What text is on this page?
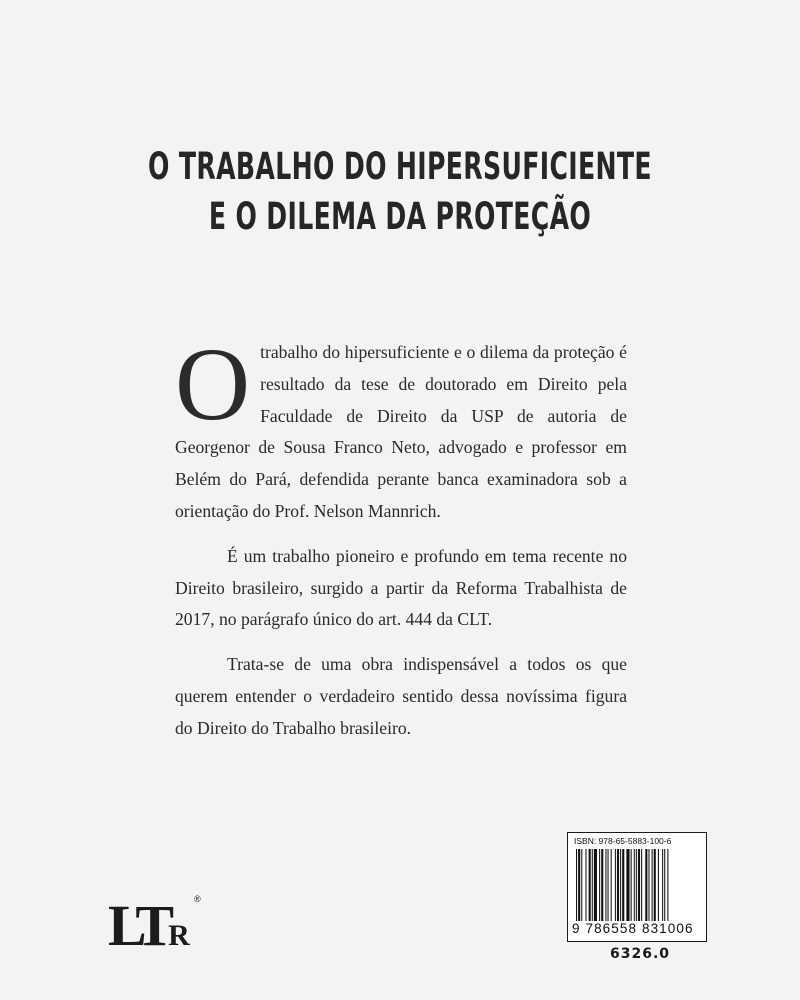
O TRABALHO DO HIPERSUFICIENTE
E O DILEMA DA PROTEÇÃO

Otrabalho do hipersuficiente e o dilema da proteção é resultado da tese de doutorado em Direito pela Faculdade de Direito da USP de autoria de Georgenor de Sousa Franco Neto, advogado e professor em Belém do Pará, defendida perante banca examinadora sob a orientação do Prof. Nelson Mannrich.

É um trabalho pioneiro e profundo em tema recente no Direito brasileiro, surgido a partir da Reforma Trabalhista de 2017, no parágrafo único do art. 444 da CLT.

Trata-se de uma obra indispensável a todos os que querem entender o verdadeiro sentido dessa novíssima figura do Direito do Trabalho brasileiro.

LTR
®
ISBN: 978-65-5883-100-6
9 786558 831006
6326.0
